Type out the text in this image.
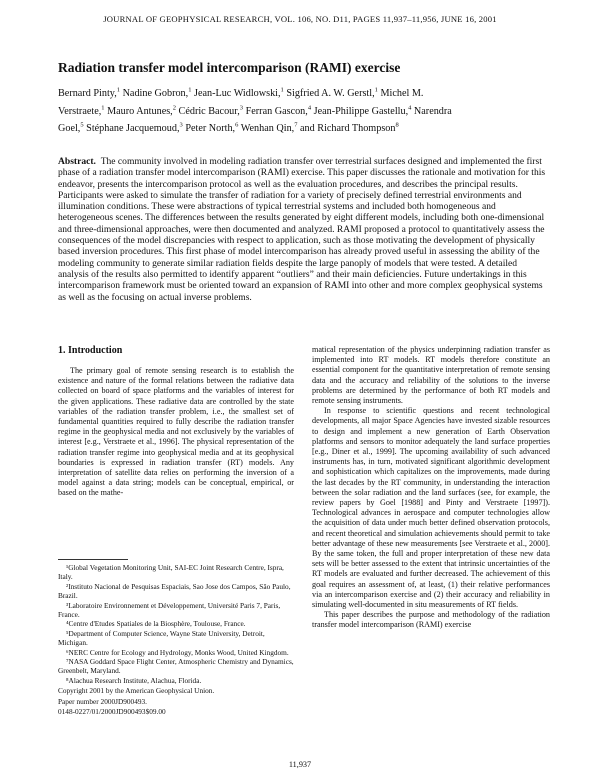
JOURNAL OF GEOPHYSICAL RESEARCH, VOL. 106, NO. D11, PAGES 11,937–11,956, JUNE 16, 2001
Radiation transfer model intercomparison (RAMI) exercise
Bernard Pinty,$^1$ Nadine Gobron,$^1$ Jean-Luc Widlowski,$^1$ Sigfried A. W. Gerstl,$^1$ Michel M. Verstraete,$^1$ Mauro Antunes,$^2$ Cédric Bacour,$^3$ Ferran Gascon,$^4$ Jean-Philippe Gastellu,$^4$ Narendra Goel,$^5$ Stéphane Jacquemoud,$^3$ Peter North,$^6$ Wenhan Qin,$^7$ and Richard Thompson$^8$
Abstract. The community involved in modeling radiation transfer over terrestrial surfaces designed and implemented the first phase of a radiation transfer model intercomparison (RAMI) exercise. This paper discusses the rationale and motivation for this endeavor, presents the intercomparison protocol as well as the evaluation procedures, and describes the principal results. Participants were asked to simulate the transfer of radiation for a variety of precisely defined terrestrial environments and illumination conditions. These were abstractions of typical terrestrial systems and included both homogeneous and heterogeneous scenes. The differences between the results generated by eight different models, including both one-dimensional and three-dimensional approaches, were then documented and analyzed. RAMI proposed a protocol to quantitatively assess the consequences of the model discrepancies with respect to application, such as those motivating the development of physically based inversion procedures. This first phase of model intercomparison has already proved useful in assessing the ability of the modeling community to generate similar radiation fields despite the large panoply of models that were tested. A detailed analysis of the results also permitted to identify apparent “outliers” and their main deficiencies. Future undertakings in this intercomparison framework must be oriented toward an expansion of RAMI into other and more complex geophysical systems as well as the focusing on actual inverse problems.
1. Introduction

The primary goal of remote sensing research is to establish the existence and nature of the formal relations between the radiative data collected on board of space platforms and the variables of interest for the given applications. These radiative data are controlled by the state variables of the radiation transfer problem, i.e., the smallest set of fundamental quantities required to fully describe the radiation transfer regime in the geophysical media and not exclusively by the variables of interest [e.g., Verstraete et al., 1996]. The physical representation of the radiation transfer regime into geophysical media and at its geophysical boundaries is expressed in radiation transfer (RT) models. Any interpretation of satellite data relies on performing the inversion of a model against a data string; models can be conceptual, empirical, or based on the mathe-

¹Global Vegetation Monitoring Unit, SAI-EC Joint Research Centre, Ispra, Italy.

²Instituto Nacional de Pesquisas Espaciais, Sao Jose dos Campos, São Paulo, Brazil.

³Laboratoire Environnement et Développement, Université Paris 7, Paris, France.

⁴Centre d'Etudes Spatiales de la Biosphère, Toulouse, France.

⁵Department of Computer Science, Wayne State University, Detroit, Michigan.

⁶NERC Centre for Ecology and Hydrology, Monks Wood, United Kingdom.

⁷NASA Goddard Space Flight Center, Atmospheric Chemistry and Dynamics, Greenbelt, Maryland.

⁸Alachua Research Institute, Alachua, Florida.

Copyright 2001 by the American Geophysical Union.

Paper number 2000JD900493.

0148-0227/01/2000JD900493$09.00

matical representation of the physics underpinning radiation transfer as implemented into RT models. RT models therefore constitute an essential component for the quantitative interpretation of remote sensing data and the accuracy and reliability of the solutions to the inverse problems are determined by the performance of both RT models and remote sensing instruments.

In response to scientific questions and recent technological developments, all major Space Agencies have invested sizable resources to design and implement a new generation of Earth Observation platforms and sensors to monitor adequately the land surface properties [e.g., Diner et al., 1999]. The upcoming availability of such advanced instruments has, in turn, motivated significant algorithmic development and sophistication which capitalizes on the improvements, made during the last decades by the RT community, in understanding the interaction between the solar radiation and the land surfaces (see, for example, the review papers by Goel [1988] and Pinty and Verstraete [1997]). Technological advances in aerospace and computer technologies allow the acquisition of data under much better defined observation protocols, and recent theoretical and simulation achievements should permit to take better advantage of these new measurements [see Verstraete et al., 2000]. By the same token, the full and proper interpretation of these new data sets will be better assessed to the extent that intrinsic uncertainties of the RT models are evaluated and further decreased. The achievement of this goal requires an assessment of, at least, (1) their relative performances via an intercomparison exercise and (2) their accuracy and reliability in simulating well-documented in situ measurements of RT fields.

This paper describes the purpose and methodology of the radiation transfer model intercomparison (RAMI) exercise

11,937
